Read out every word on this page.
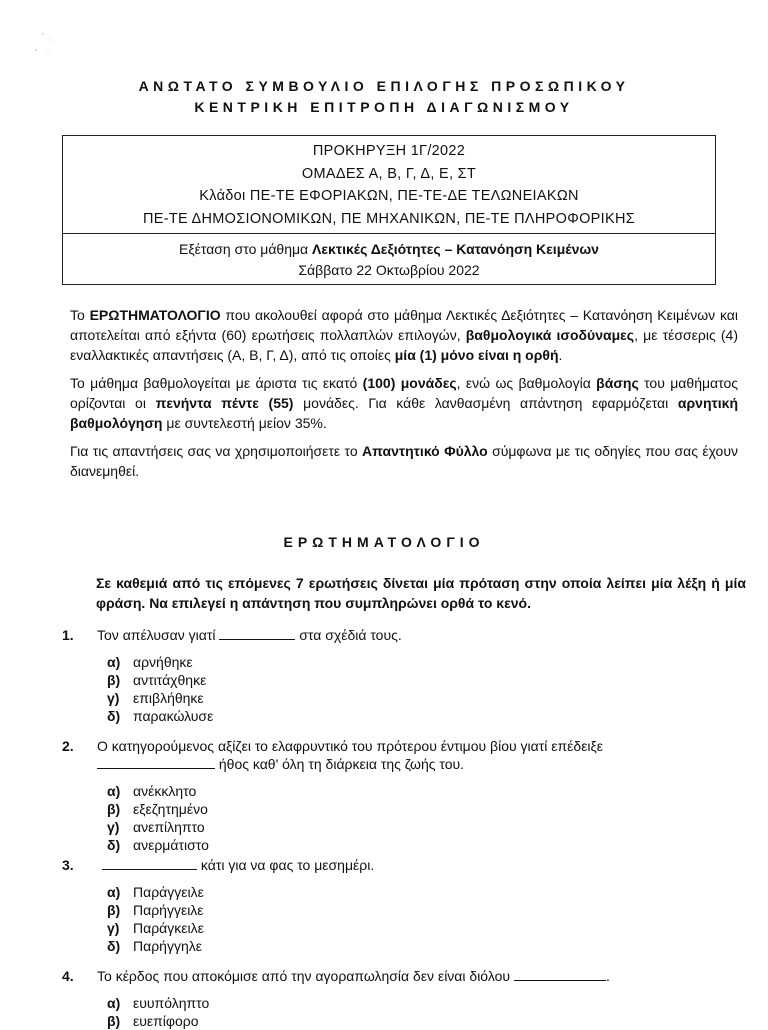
ΑΝΩΤΑΤΟ ΣΥΜΒΟΥΛΙΟ ΕΠΙΛΟΓΗΣ ΠΡΟΣΩΠΙΚΟΥ
ΚΕΝΤΡΙΚΗ ΕΠΙΤΡΟΠΗ ΔΙΑΓΩΝΙΣΜΟΥ
ΠΡΟΚΗΡΥΞΗ 1Γ/2022
ΟΜΑΔΕΣ Α, Β, Γ, Δ, Ε, ΣΤ
Κλάδοι ΠΕ-ΤΕ ΕΦΟΡΙΑΚΩΝ, ΠΕ-ΤΕ-ΔΕ ΤΕΛΩΝΕΙΑΚΩΝ
ΠΕ-ΤΕ ΔΗΜΟΣΙΟΝΟΜΙΚΩΝ, ΠΕ ΜΗΧΑΝΙΚΩΝ, ΠΕ-ΤΕ ΠΛΗΡΟΦΟΡΙΚΗΣ
Εξέταση στο μάθημα Λεκτικές Δεξιότητες – Κατανόηση Κειμένων
Σάββατο 22 Οκτωβρίου 2022

Το ΕΡΩΤΗΜΑΤΟΛΟΓΙΟ που ακολουθεί αφορά στο μάθημα Λεκτικές Δεξιότητες – Κατανόηση Κειμένων και αποτελείται από εξήντα (60) ερωτήσεις πολλαπλών επιλογών, βαθμολογικά ισοδύναμες, με τέσσερις (4) εναλλακτικές απαντήσεις (Α, Β, Γ, Δ), από τις οποίες μία (1) μόνο είναι η ορθή.

Το μάθημα βαθμολογείται με άριστα τις εκατό (100) μονάδες, ενώ ως βαθμολογία βάσης του μαθήματος ορίζονται οι πενήντα πέντε (55) μονάδες. Για κάθε λανθασμένη απάντηση εφαρμόζεται αρνητική βαθμολόγηση με συντελεστή μείον 35%.

Για τις απαντήσεις σας να χρησιμοποιήσετε το Απαντητικό Φύλλο σύμφωνα με τις οδηγίες που σας έχουν διανεμηθεί.

ΕΡΩΤΗΜΑΤΟΛΟΓΙΟ
Σε καθεμιά από τις επόμενες 7 ερωτήσεις δίνεται μία πρόταση στην οποία λείπει μία λέξη ή μία φράση. Να επιλεγεί η απάντηση που συμπληρώνει ορθά το κενό.
1. Τον απέλυσαν γιατί	στα σχέδιά τους.
α) αρνήθηκε
β) αντιτάχθηκε
γ) επιβλήθηκε
δ) παρακώλυσε
2. Ο κατηγορούμενος αξίζει το ελαφρυντικό του πρότερου έντιμου βίου γιατί επέδειξε
ήθος καθ' όλη τη διάρκεια της ζωής του.
α) ανέκκλητο
β) εξεζητημένο
γ) ανεπίληπτο
δ) ανερμάτιστο
3.	κάτι για να φας το μεσημέρι.
α) Παράγγειλε
β) Παρήγγειλε
γ) Παράγκειλε
δ) Παρήγγηλε
4. Το κέρδος που αποκόμισε από την αγοραπωλησία δεν είναι διόλου	.
α) ευυπόληπτο
β) ευεπίφορο
